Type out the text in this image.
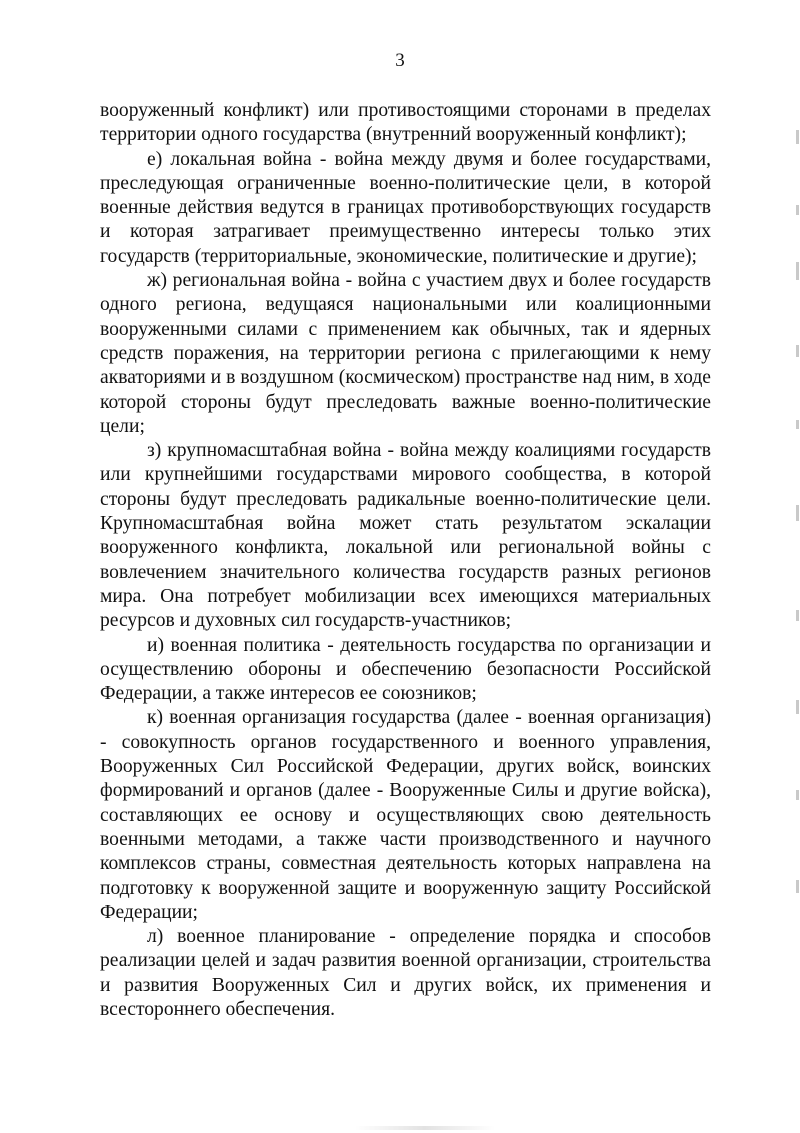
3

вооруженный конфликт) или противостоящими сторонами в пределах территории одного государства (внутренний вооруженный конфликт);

е) локальная война - война между двумя и более государствами, преследующая ограниченные военно-политические цели, в которой военные действия ведутся в границах противоборствующих государств и которая затрагивает преимущественно интересы только этих государств (территориальные, экономические, политические и другие);

ж) региональная война - война с участием двух и более государств одного региона, ведущаяся национальными или коалиционными вооруженными силами с применением как обычных, так и ядерных средств поражения, на территории региона с прилегающими к нему акваториями и в воздушном (космическом) пространстве над ним, в ходе которой стороны будут преследовать важные военно-политические цели;

з) крупномасштабная война - война между коалициями государств или крупнейшими государствами мирового сообщества, в которой стороны будут преследовать радикальные военно-политические цели. Крупномасштабная война может стать результатом эскалации вооруженного конфликта, локальной или региональной войны с вовлечением значительного количества государств разных регионов мира. Она потребует мобилизации всех имеющихся материальных ресурсов и духовных сил государств-участников;

и) военная политика - деятельность государства по организации и осуществлению обороны и обеспечению безопасности Российской Федерации, а также интересов ее союзников;

к) военная организация государства (далее - военная организация) - совокупность органов государственного и военного управления, Вооруженных Сил Российской Федерации, других войск, воинских формирований и органов (далее - Вооруженные Силы и другие войска), составляющих ее основу и осуществляющих свою деятельность военными методами, а также части производственного и научного комплексов страны, совместная деятельность которых направлена на подготовку к вооруженной защите и вооруженную защиту Российской Федерации;

л) военное планирование - определение порядка и способов реализации целей и задач развития военной организации, строительства и развития Вооруженных Сил и других войск, их применения и всестороннего обеспечения.
